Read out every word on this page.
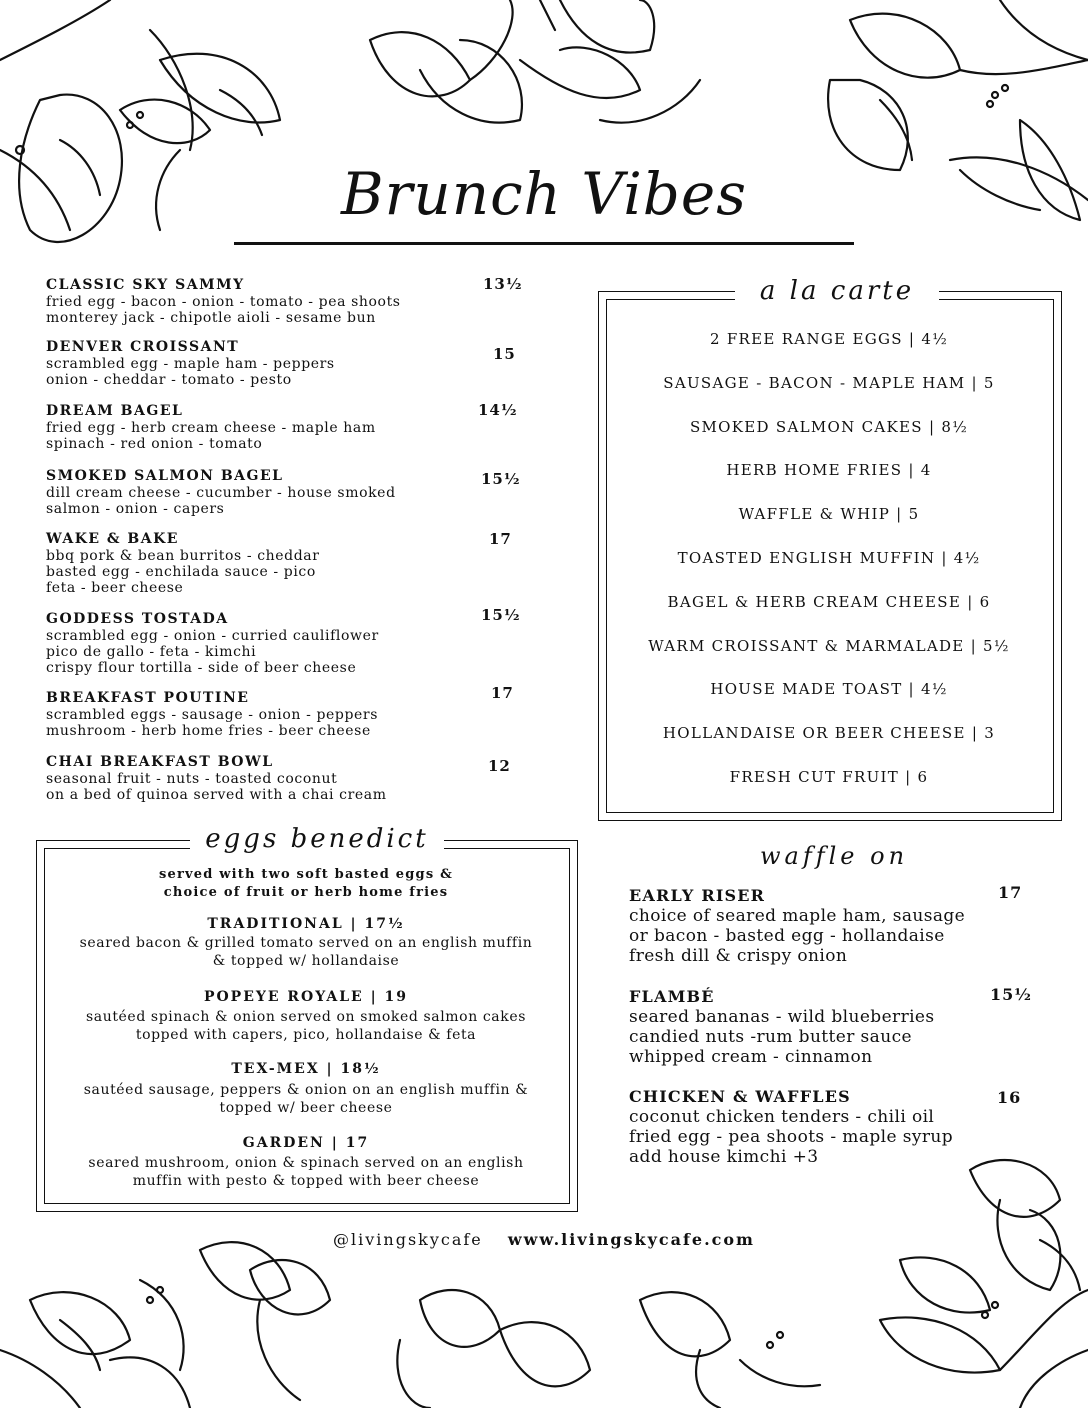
Brunch Vibes
CLASSIC SKY SAMMY
fried egg - bacon - onion - tomato - pea shoots
monterey jack - chipotle aioli - sesame bun
13½
DENVER CROISSANT
scrambled egg - maple ham - peppers
onion - cheddar - tomato - pesto
15
DREAM BAGEL
fried egg - herb cream cheese - maple ham
spinach - red onion - tomato
14½
SMOKED SALMON BAGEL
dill cream cheese - cucumber - house smoked
salmon - onion - capers
15½
WAKE & BAKE
bbq pork & bean burritos - cheddar
basted egg - enchilada sauce - pico
feta - beer cheese
17
GODDESS TOSTADA
scrambled egg - onion - curried cauliflower
pico de gallo - feta - kimchi
crispy flour tortilla - side of beer cheese
15½
BREAKFAST POUTINE
scrambled eggs - sausage - onion - peppers
mushroom - herb home fries - beer cheese
17
CHAI BREAKFAST BOWL
seasonal fruit - nuts - toasted coconut
on a bed of quinoa served with a chai cream
12
a la carte
2 FREE RANGE EGGS | 4½
SAUSAGE - BACON - MAPLE HAM | 5
SMOKED SALMON CAKES | 8½
HERB HOME FRIES | 4
WAFFLE & WHIP | 5
TOASTED ENGLISH MUFFIN | 4½
BAGEL & HERB CREAM CHEESE | 6
WARM CROISSANT & MARMALADE | 5½
HOUSE MADE TOAST | 4½
HOLLANDAISE OR BEER CHEESE | 3
FRESH CUT FRUIT | 6
eggs benedict
served with two soft basted eggs &
choice of fruit or herb home fries
TRADITIONAL | 17½
seared bacon & grilled tomato served on an english muffin
& topped w/ hollandaise
POPEYE ROYALE | 19
sautéed spinach & onion served on smoked salmon cakes
topped with capers, pico, hollandaise & feta
TEX-MEX | 18½
sautéed sausage, peppers & onion on an english muffin &
topped w/ beer cheese
GARDEN | 17
seared mushroom, onion & spinach served on an english
muffin with pesto & topped with beer cheese
waffle on
EARLY RISER
choice of seared maple ham, sausage
or bacon - basted egg - hollandaise
fresh dill & crispy onion
17
FLAMBÉ
seared bananas - wild blueberries
candied nuts -rum butter sauce
whipped cream - cinnamon
15½
CHICKEN & WAFFLES
coconut chicken tenders - chili oil
fried egg - pea shoots - maple syrup
add house kimchi +3
16
@livingskycafe www.livingskycafe.com
